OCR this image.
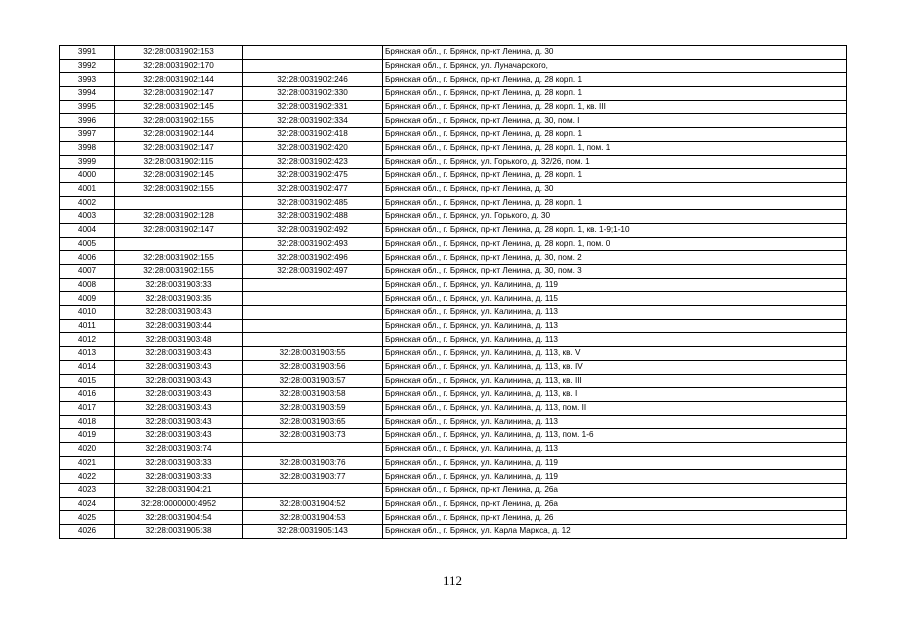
3991	32:28:0031902:153		Брянская обл., г. Брянск, пр-кт Ленина, д. 30
3992	32:28:0031902:170		Брянская обл., г. Брянск, ул. Луначарского,
3993	32:28:0031902:144	32:28:0031902:246	Брянская обл., г. Брянск, пр-кт Ленина, д. 28 корп. 1
3994	32:28:0031902:147	32:28:0031902:330	Брянская обл., г. Брянск, пр-кт Ленина, д. 28 корп. 1
3995	32:28:0031902:145	32:28:0031902:331	Брянская обл., г. Брянск, пр-кт Ленина, д. 28 корп. 1, кв. III
3996	32:28:0031902:155	32:28:0031902:334	Брянская обл., г. Брянск, пр-кт Ленина, д. 30, пом. I
3997	32:28:0031902:144	32:28:0031902:418	Брянская обл., г. Брянск, пр-кт Ленина, д. 28 корп. 1
3998	32:28:0031902:147	32:28:0031902:420	Брянская обл., г. Брянск, пр-кт Ленина, д. 28 корп. 1, пом. 1
3999	32:28:0031902:115	32:28:0031902:423	Брянская обл., г. Брянск, ул. Горького, д. 32/26, пом. 1
4000	32:28:0031902:145	32:28:0031902:475	Брянская обл., г. Брянск, пр-кт Ленина, д. 28 корп. 1
4001	32:28:0031902:155	32:28:0031902:477	Брянская обл., г. Брянск, пр-кт Ленина, д. 30
4002		32:28:0031902:485	Брянская обл., г. Брянск, пр-кт Ленина, д. 28 корп. 1
4003	32:28:0031902:128	32:28:0031902:488	Брянская обл., г. Брянск, ул. Горького, д. 30
4004	32:28:0031902:147	32:28:0031902:492	Брянская обл., г. Брянск, пр-кт Ленина, д. 28 корп. 1, кв. 1-9;1-10
4005		32:28:0031902:493	Брянская обл., г. Брянск, пр-кт Ленина, д. 28 корп. 1, пом. 0
4006	32:28:0031902:155	32:28:0031902:496	Брянская обл., г. Брянск, пр-кт Ленина, д. 30, пом. 2
4007	32:28:0031902:155	32:28:0031902:497	Брянская обл., г. Брянск, пр-кт Ленина, д. 30, пом. 3
4008	32:28:0031903:33		Брянская обл., г. Брянск, ул. Калинина, д. 119
4009	32:28:0031903:35		Брянская обл., г. Брянск, ул. Калинина, д. 115
4010	32:28:0031903:43		Брянская обл., г. Брянск, ул. Калинина, д. 113
4011	32:28:0031903:44		Брянская обл., г. Брянск, ул. Калинина, д. 113
4012	32:28:0031903:48		Брянская обл., г. Брянск, ул. Калинина, д. 113
4013	32:28:0031903:43	32:28:0031903:55	Брянская обл., г. Брянск, ул. Калинина, д. 113, кв. V
4014	32:28:0031903:43	32:28:0031903:56	Брянская обл., г. Брянск, ул. Калинина, д. 113, кв. IV
4015	32:28:0031903:43	32:28:0031903:57	Брянская обл., г. Брянск, ул. Калинина, д. 113, кв. III
4016	32:28:0031903:43	32:28:0031903:58	Брянская обл., г. Брянск, ул. Калинина, д. 113, кв. I
4017	32:28:0031903:43	32:28:0031903:59	Брянская обл., г. Брянск, ул. Калинина, д. 113, пом. II
4018	32:28:0031903:43	32:28:0031903:65	Брянская обл., г. Брянск, ул. Калинина, д. 113
4019	32:28:0031903:43	32:28:0031903:73	Брянская обл., г. Брянск, ул. Калинина, д. 113, пом. 1-6
4020	32:28:0031903:74		Брянская обл., г. Брянск, ул. Калинина, д. 113
4021	32:28:0031903:33	32:28:0031903:76	Брянская обл., г. Брянск, ул. Калинина, д. 119
4022	32:28:0031903:33	32:28:0031903:77	Брянская обл., г. Брянск, ул. Калинина, д. 119
4023	32:28:0031904:21		Брянская обл., г. Брянск, пр-кт Ленина, д. 26а
4024	32:28:0000000:4952	32:28:0031904:52	Брянская обл., г. Брянск, пр-кт Ленина, д. 26а
4025	32:28:0031904:54	32:28:0031904:53	Брянская обл., г. Брянск, пр-кт Ленина, д. 26
4026	32:28:0031905:38	32:28:0031905:143	Брянская обл., г. Брянск, ул. Карла Маркса, д. 12
112
